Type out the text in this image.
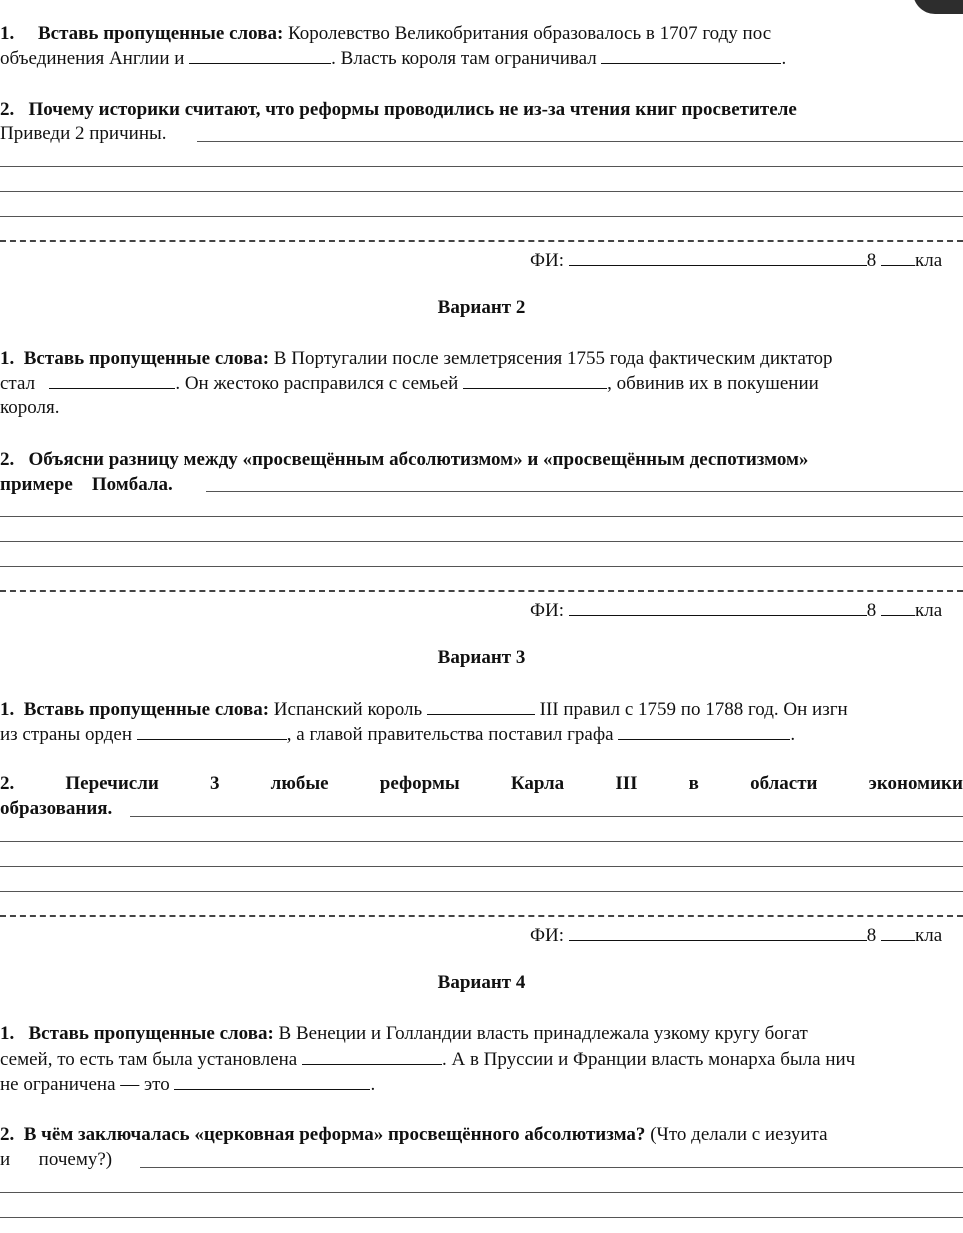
1. Вставь пропущенные слова: Королевство Великобритания образовалось в 1707 году пос
объединения Англии и	. Власть короля там ограничивал	.
2. Почему историки считают, что реформы проводились не из-за чтения книг просветителе
Приведи 2 причины.
ФИ:	8 кла
Вариант 2
1. Вставь пропущенные слова: В Португалии после землетрясения 1755 года фактическим диктатор
стал	. Он жестоко расправился с семьей	, обвинив их в покушении
короля.
2. Объясни разницу между «просвещённым абсолютизмом» и «просвещённым деспотизмом»
примере    Помбала.
ФИ:	8 кла
Вариант 3
1. Вставь пропущенные слова: Испанский король	III правил с 1759 по 1788 год. Он изгн
из страны орден	, а главой правительства поставил графа	.
2.	Перечисли	3	любые	реформы	Карла	III	в	области	экономики
образования.
ФИ:	8 кла
Вариант 4
1. Вставь пропущенные слова: В Венеции и Голландии власть принадлежала узкому кругу богат
семей, то есть там была установлена	. А в Пруссии и Франции власть монарха была нич
не ограничена — это	.
2. В чём заключалась «церковная реформа» просвещённого абсолютизма? (Что делали с иезуита
и      почему?)
